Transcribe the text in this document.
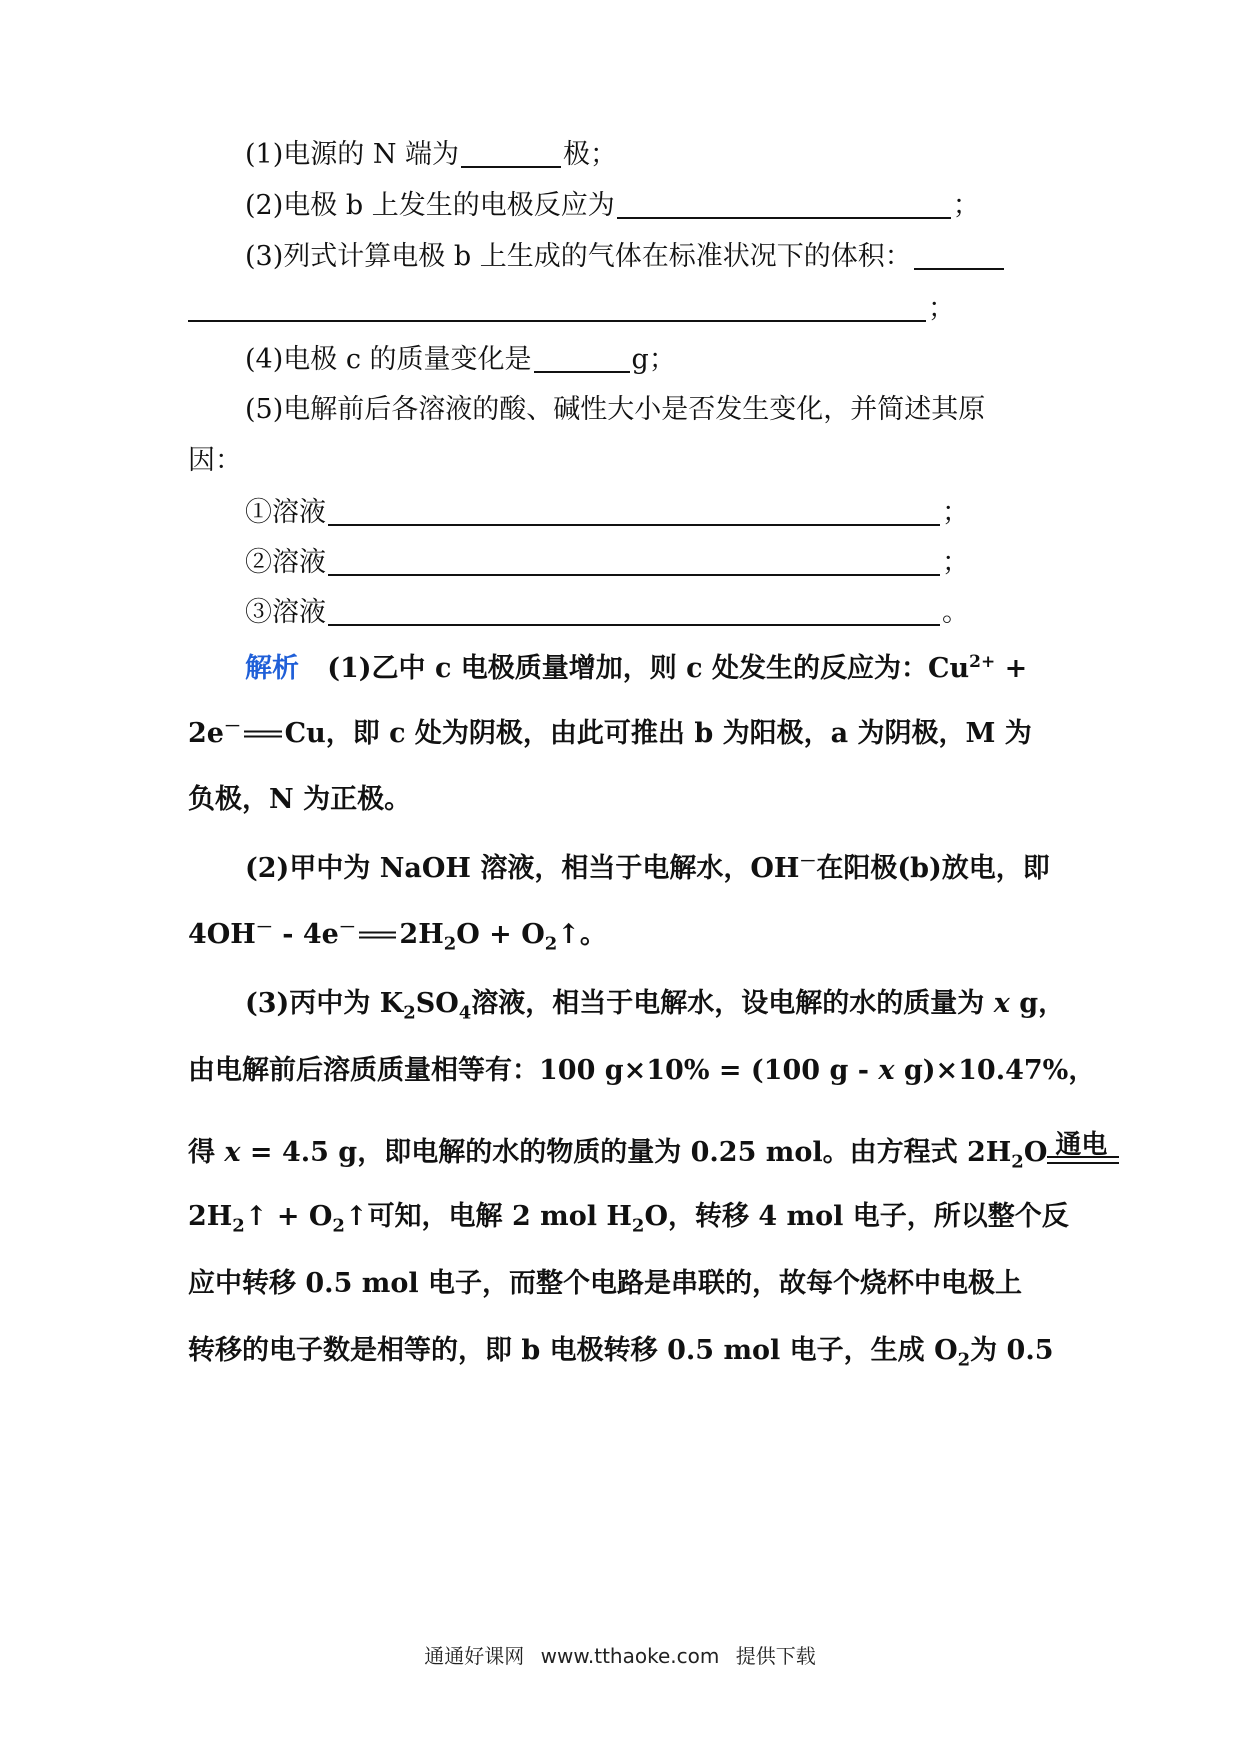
(1)电源的 N 端为	极；
(2)电极 b 上发生的电极反应为	；
(3)列式计算电极 b 上生成的气体在标准状况下的体积：
；
(4)电极 c 的质量变化是	g；
(5)电解前后各溶液的酸、碱性大小是否发生变化，并简述其原
因：
①溶液	；
②溶液	；
③溶液	。
解析 (1)乙中 c 电极质量增加，则 c 处发生的反应为：$Cu^{2+}$ +
2e－ Cu，即 c 处为阴极，由此可推出 b 为阳极，a 为阴极，M 为
负极，N 为正极。
(2)甲中为 NaOH 溶液，相当于电解水，OH－在阳极(b)放电，即
4OH－ - 4e－ $2H_2O$ + $O_2↑$。
(3)丙中为 $K_2SO_4$溶液，相当于电解水，设电解的水的质量为 x g，
由电解前后溶质质量相等有：100 g×10% = (100 g - x g)×10.47%，
得 x = 4.5 g，即电解的水的物质的量为 0.25 mol。由方程式 $2H_2O$ 通电
$2H_2↑$ + $O_2↑$可知，电解 2 mol $H_2O$，转移 4 mol 电子，所以整个反
应中转移 0.5 mol 电子，而整个电路是串联的，故每个烧杯中电极上
转移的电子数是相等的，即 b 电极转移 0.5 mol 电子，生成 $O_2$为 0.5
通通好课网 www.tthaoke.com 提供下载
